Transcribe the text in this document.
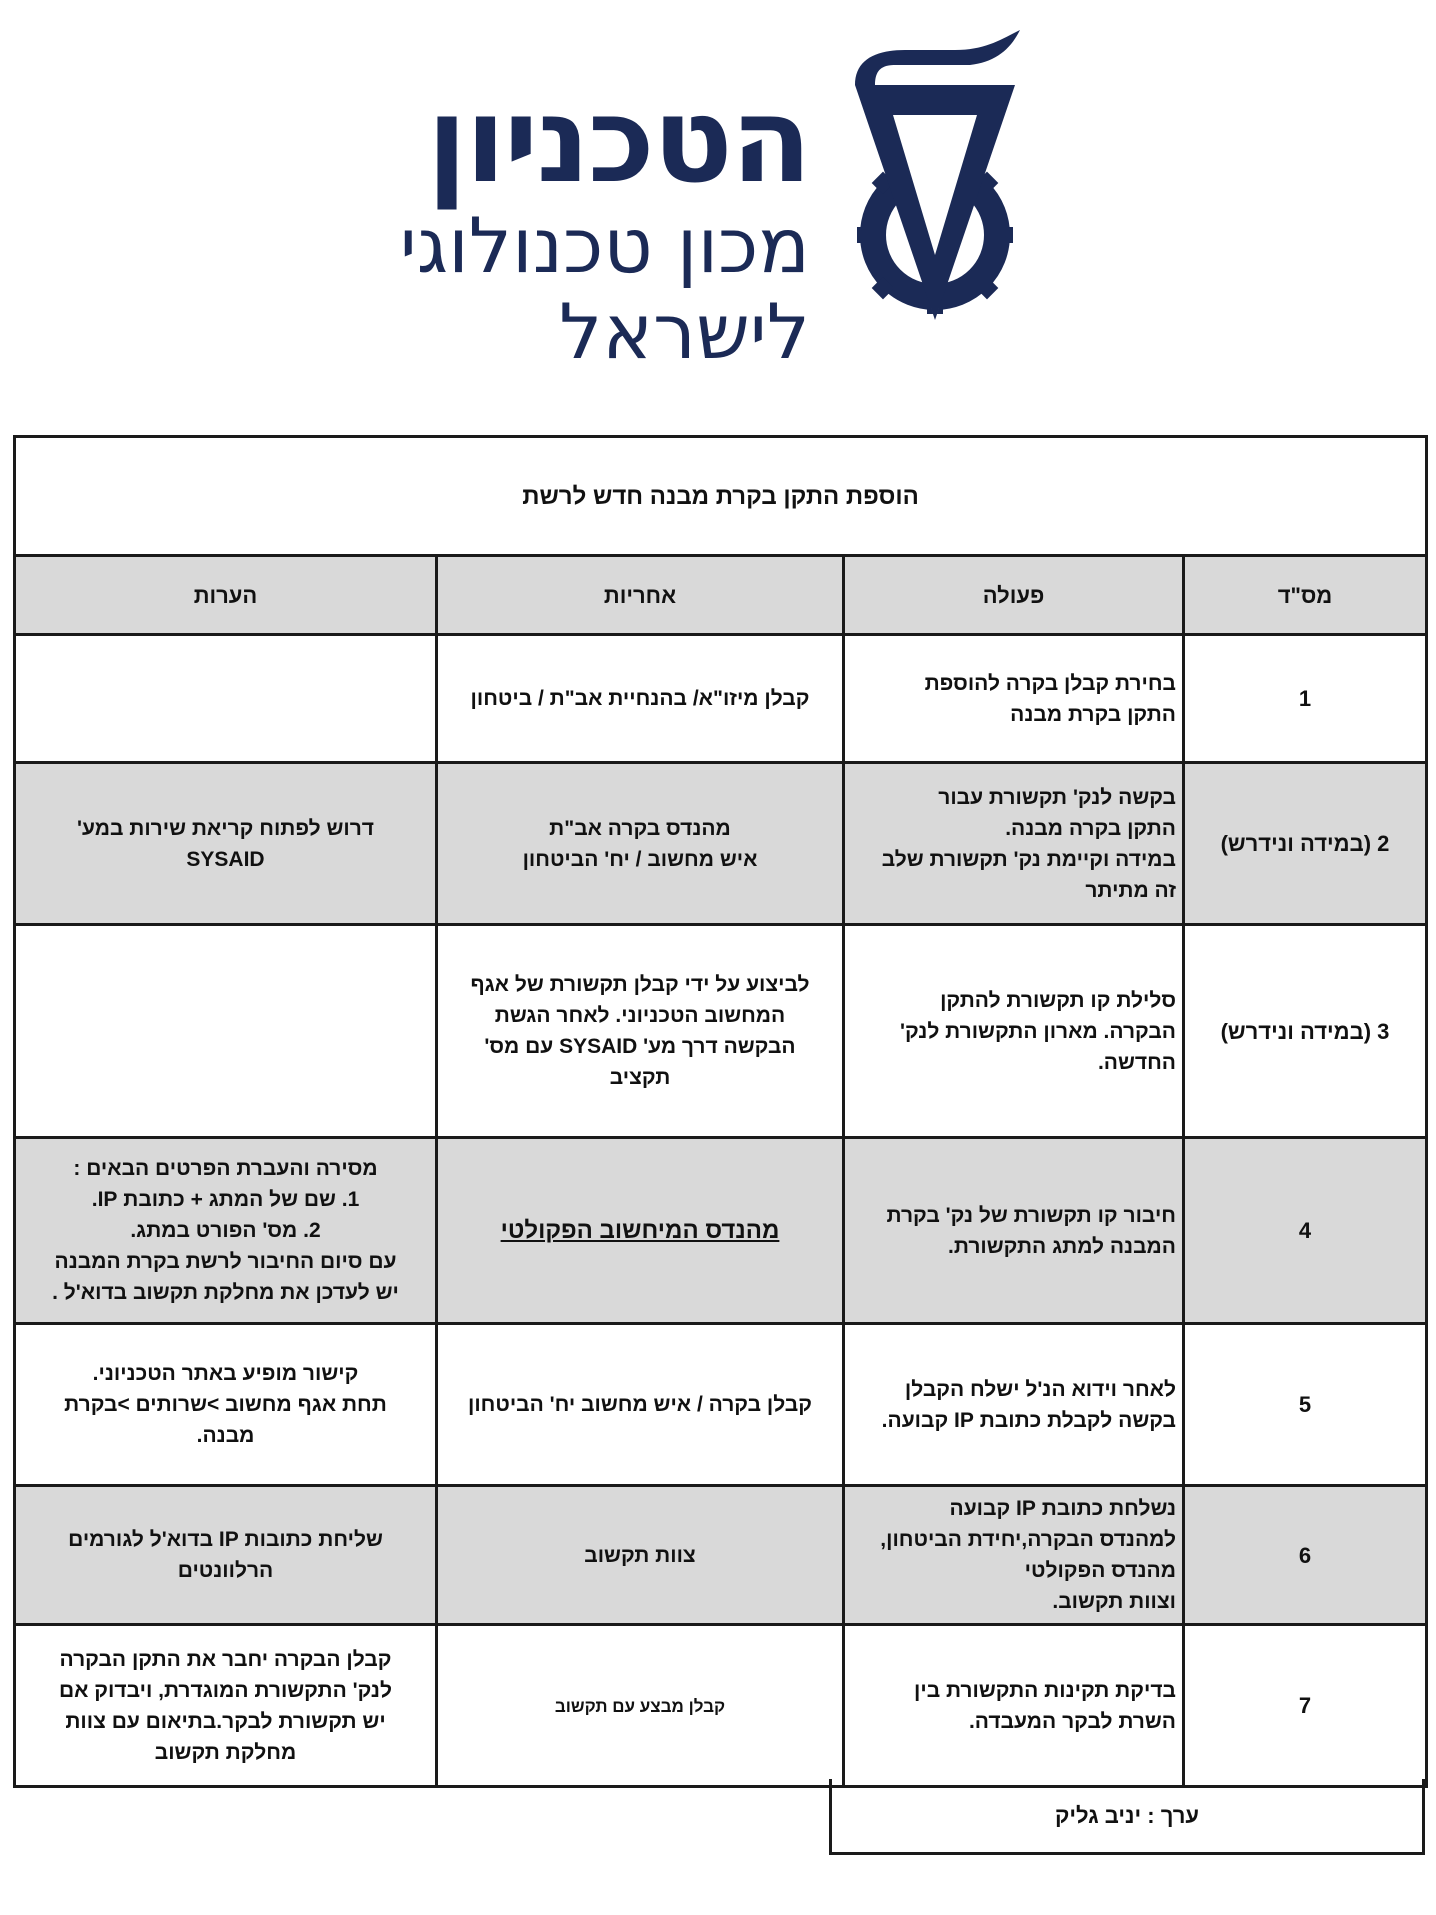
הטכניון
מכון טכנולוגי
לישראל
הוספת התקן בקרת מבנה חדש לרשת			
מס"ד	פעולה	אחריות	הערות
1	בחירת קבלן בקרה להוספת
התקן בקרת מבנה	קבלן מיזו"א/ בהנחיית אב"ת / ביטחון	
2 (במידה ונידרש)	בקשה לנק' תקשורת עבור
התקן בקרה מבנה.
במידה וקיימת נק' תקשורת שלב
זה מתיתר	מהנדס בקרה אב"ת
איש מחשוב / יח' הביטחון	דרוש לפתוח קריאת שירות במע'
SYSAID
3 (במידה ונידרש)	סלילת קו תקשורת להתקן
הבקרה. מארון התקשורת לנק'
החדשה.	לביצוע על ידי קבלן תקשורת של אגף
המחשוב הטכניוני. לאחר הגשת
הבקשה דרך מע' SYSAID עם מס'
תקציב	
4	חיבור קו תקשורת של נק' בקרת
המבנה למתג התקשורת.	מהנדס המיחשוב הפקולטי	מסירה והעברת הפרטים הבאים :
1. שם של המתג + כתובת IP.
2. מס' הפורט במתג.
עם סיום החיבור לרשת בקרת המבנה
יש לעדכן את מחלקת תקשוב בדוא'ל .
5	לאחר וידוא הנ'ל ישלח הקבלן
בקשה לקבלת כתובת IP קבועה.	קבלן בקרה / איש מחשוב יח' הביטחון	קישור מופיע באתר הטכניוני.
תחת אגף מחשוב >שרותים >בקרת
מבנה.
6	נשלחת כתובת IP קבועה
למהנדס הבקרה,יחידת הביטחון,
מהנדס הפקולטי
וצוות תקשוב.	צוות תקשוב	שליחת כתובות IP בדוא'ל לגורמים
הרלוונטים
7	בדיקת תקינות התקשורת בין
השרת לבקר המעבדה.	קבלן מבצע עם תקשוב	קבלן הבקרה יחבר את התקן הבקרה
לנק' התקשורת המוגדרת, ויבדוק אם
יש תקשורת לבקר.בתיאום עם צוות
מחלקת תקשוב
ערך : יניב גליק
